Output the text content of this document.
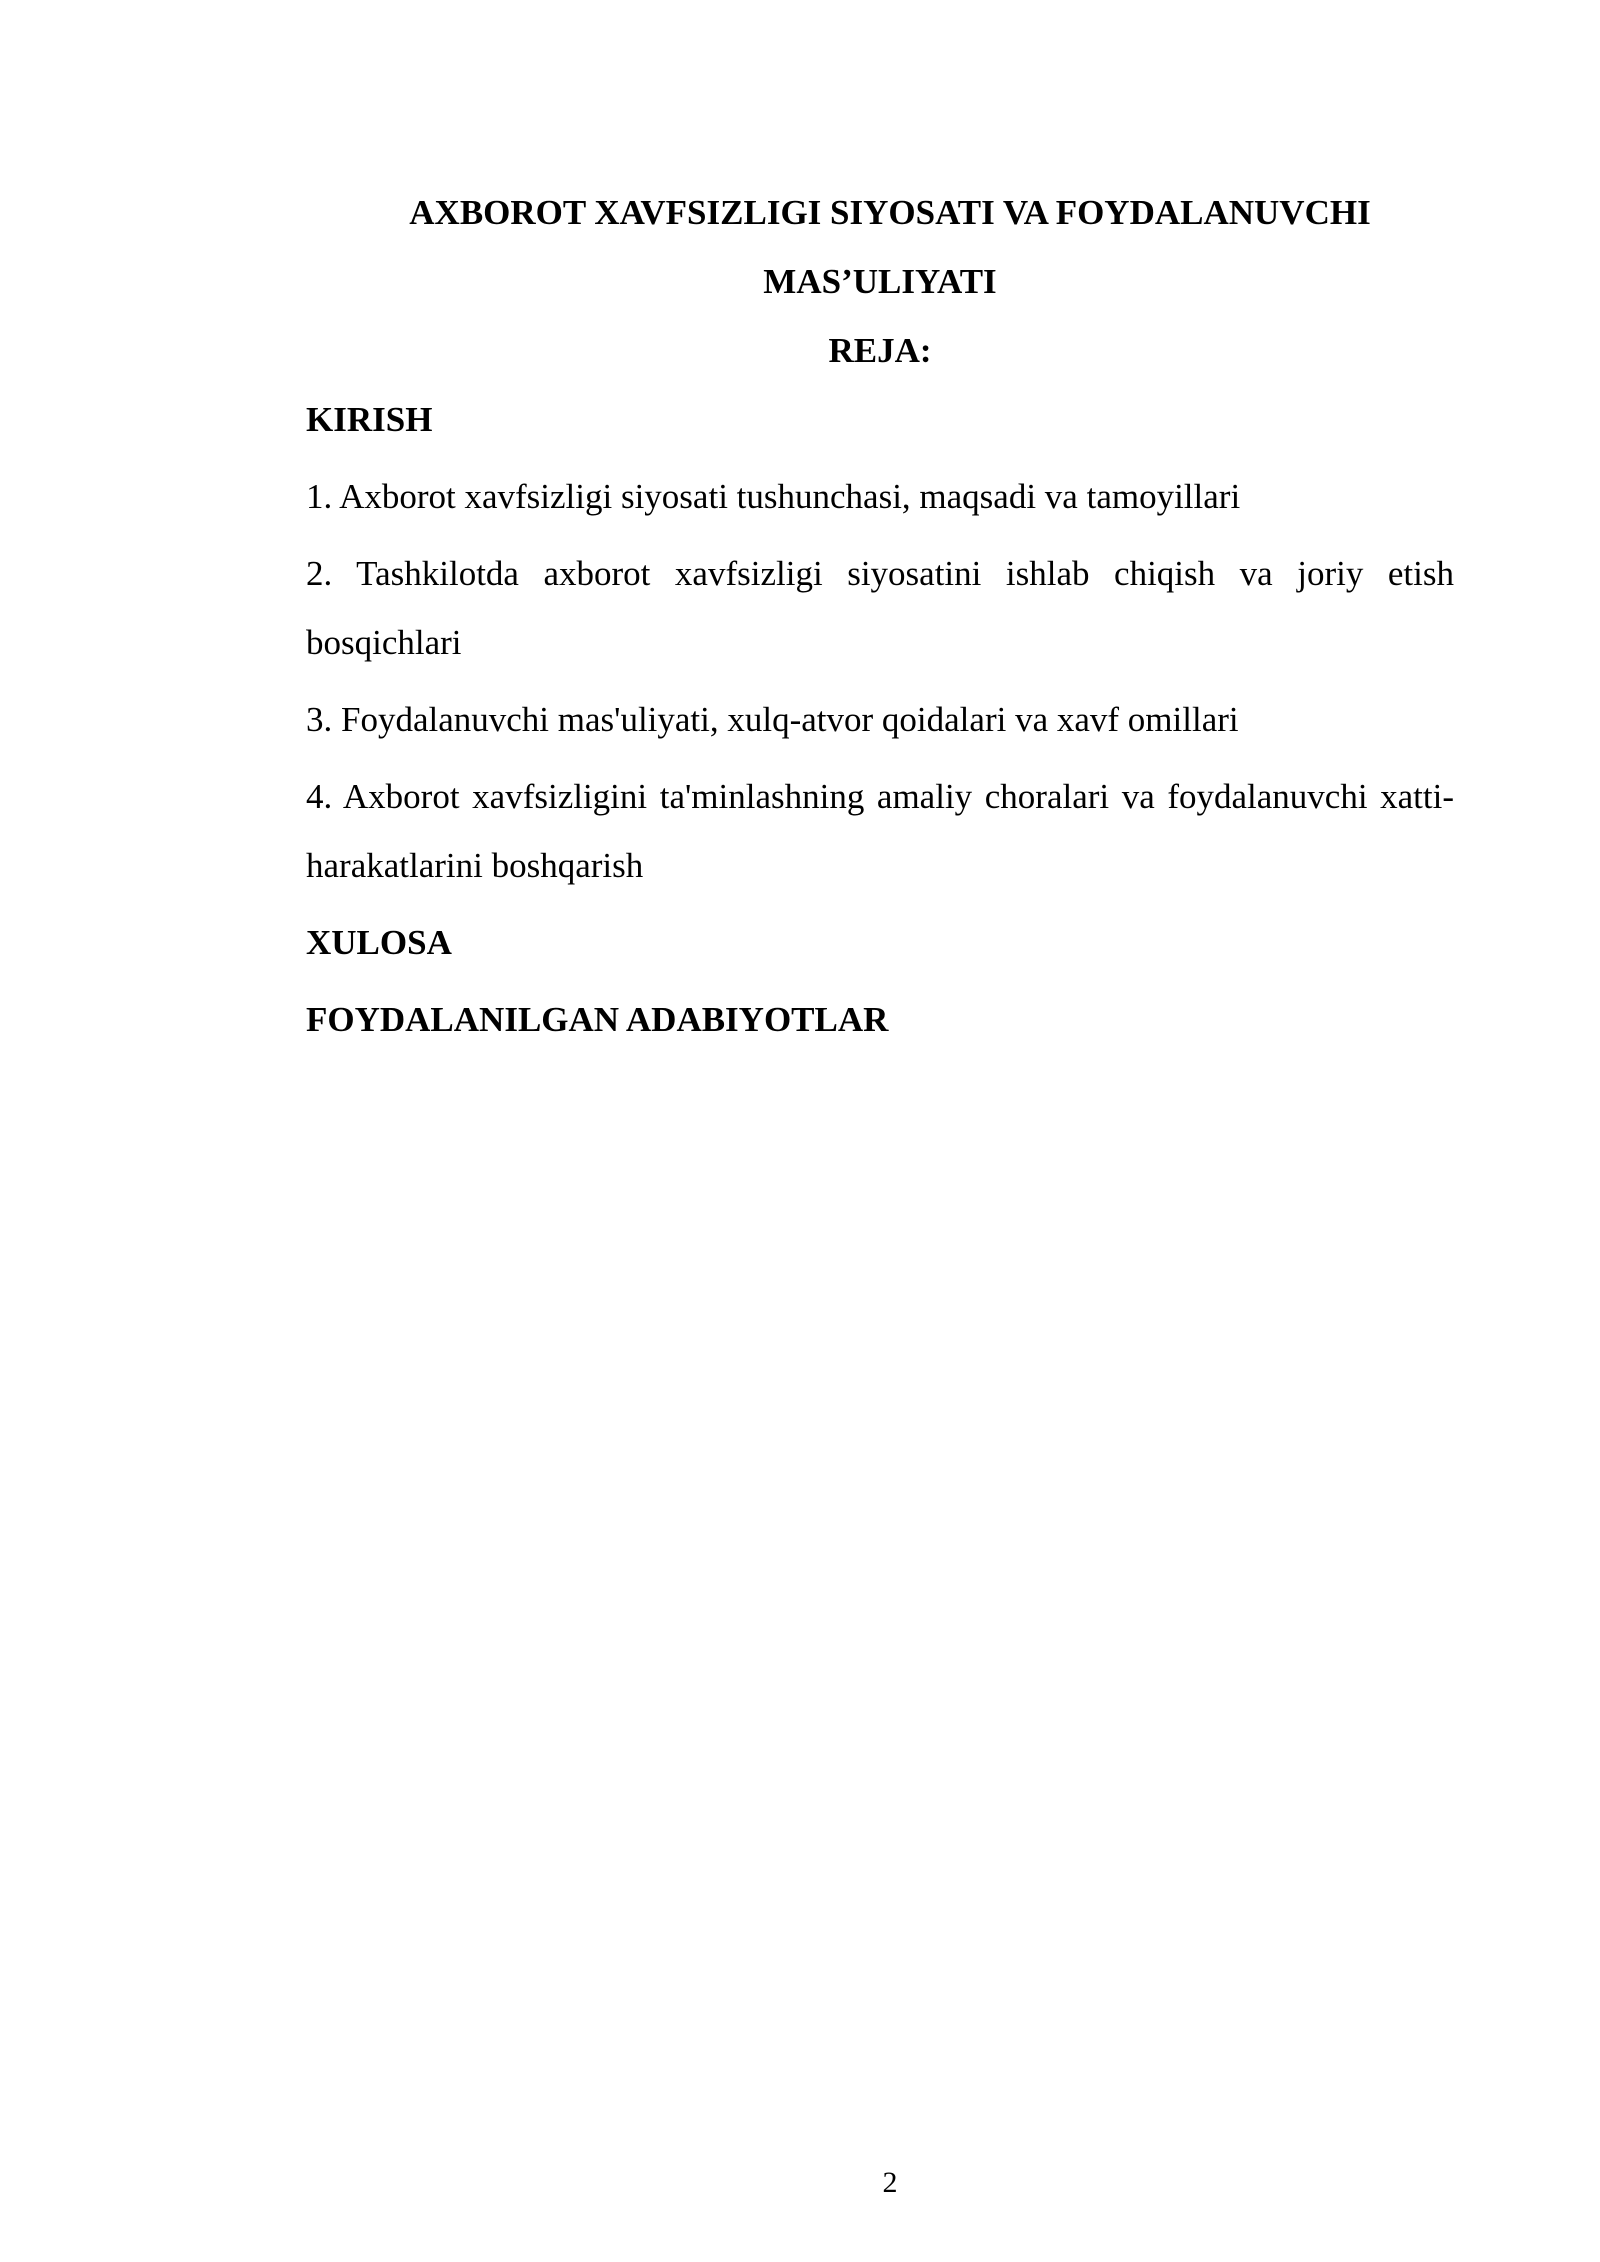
AXBOROT XAVFSIZLIGI SIYOSATI VA FOYDALANUVCHI

MAS’ULIYATI

REJA:

KIRISH

1. Axborot xavfsizligi siyosati tushunchasi, maqsadi va tamoyillari

2. Tashkilotda axborot xavfsizligi siyosatini ishlab chiqish va joriy etish bosqichlari

3. Foydalanuvchi mas'uliyati, xulq-atvor qoidalari va xavf omillari

4. Axborot xavfsizligini ta'minlashning amaliy choralari va foydalanuvchi xatti-harakatlarini boshqarish

XULOSA

FOYDALANILGAN ADABIYOTLAR

2
